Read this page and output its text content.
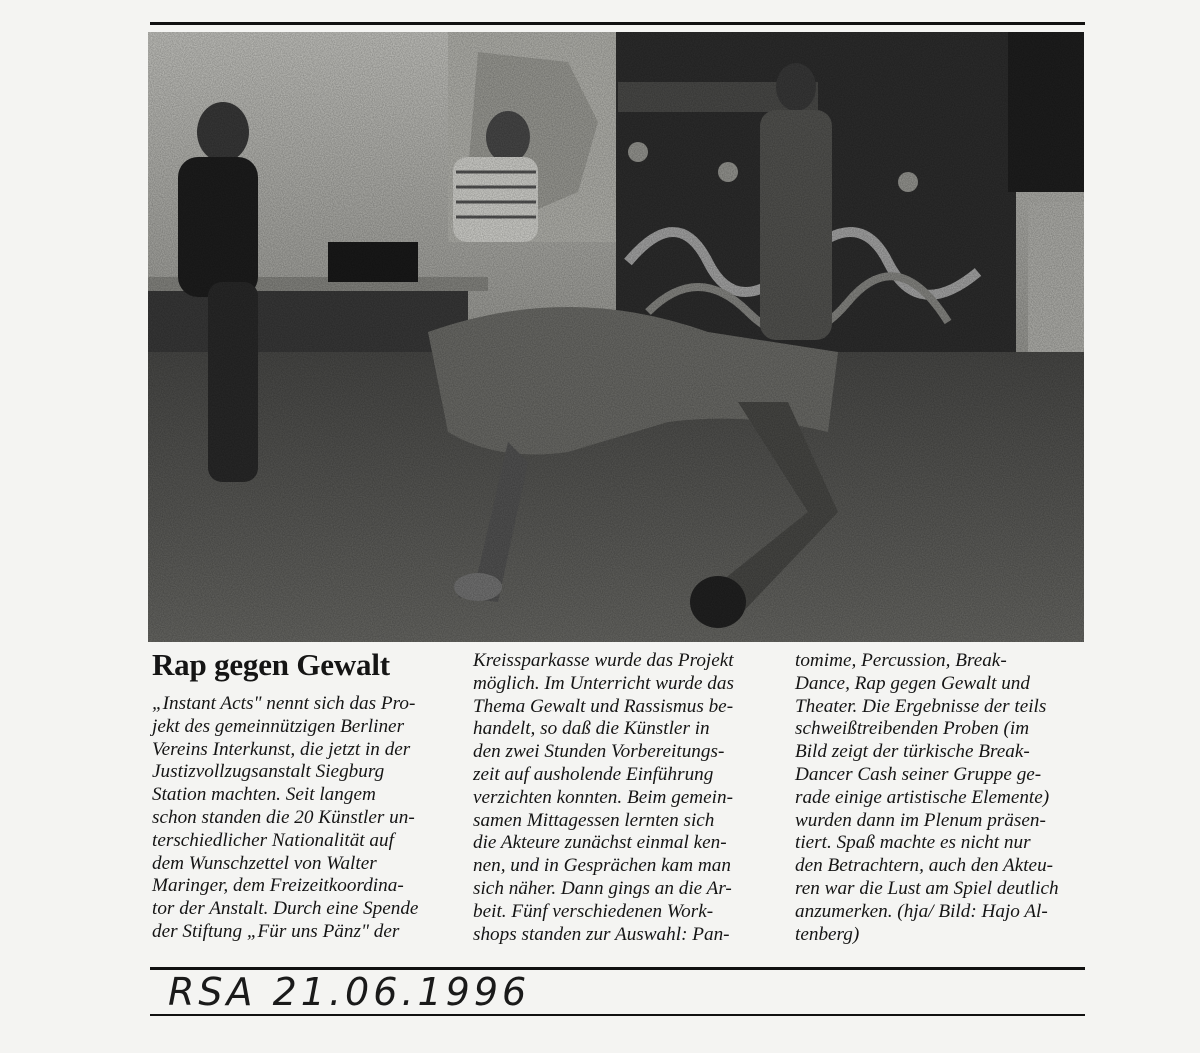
Rap gegen Gewalt
„Instant Acts" nennt sich das Pro-
jekt des gemeinnützigen Berliner
Vereins Interkunst, die jetzt in der
Justizvollzugsanstalt Siegburg
Station machten. Seit langem
schon standen die 20 Künstler un-
terschiedlicher Nationalität auf
dem Wunschzettel von Walter
Maringer, dem Freizeitkoordina-
tor der Anstalt. Durch eine Spende
der Stiftung „Für uns Pänz" der
Kreissparkasse wurde das Projekt
möglich. Im Unterricht wurde das
Thema Gewalt und Rassismus be-
handelt, so daß die Künstler in
den zwei Stunden Vorbereitungs-
zeit auf ausholende Einführung
verzichten konnten. Beim gemein-
samen Mittagessen lernten sich
die Akteure zunächst einmal ken-
nen, und in Gesprächen kam man
sich näher. Dann gings an die Ar-
beit. Fünf verschiedenen Work-
shops standen zur Auswahl: Pan-
tomime, Percussion, Break-
Dance, Rap gegen Gewalt und
Theater. Die Ergebnisse der teils
schweißtreibenden Proben (im
Bild zeigt der türkische Break-
Dancer Cash seiner Gruppe ge-
rade einige artistische Elemente)
wurden dann im Plenum präsen-
tiert. Spaß machte es nicht nur
den Betrachtern, auch den Akteu-
ren war die Lust am Spiel deutlich
anzumerken. (hja/ Bild: Hajo Al-
tenberg)
RSA 21.06.1996
